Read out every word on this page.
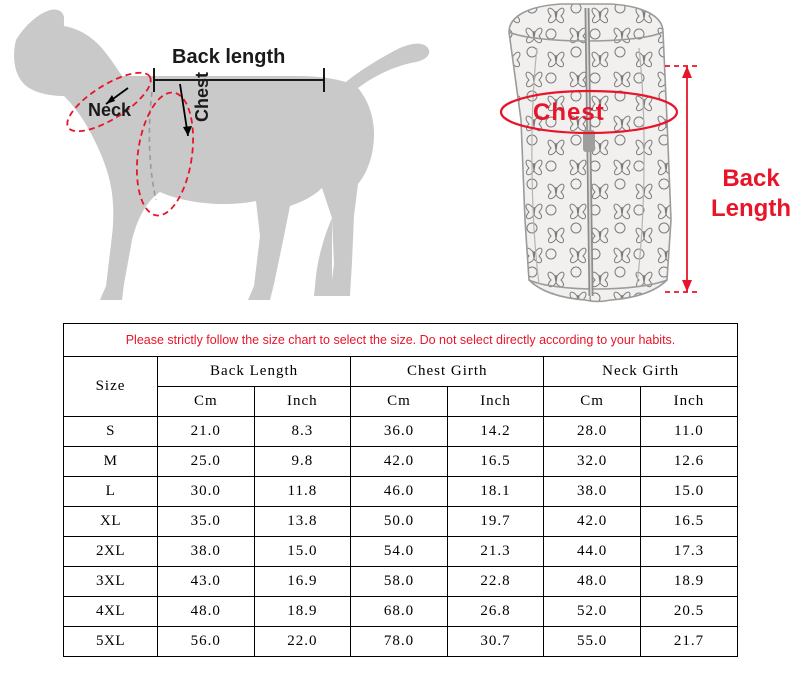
Back length
Neck	Chest	Chest
Back
Length
Please strictly follow the size chart to select the size. Do not select directly according to your habits.
Size	Back Length		Chest Girth		Neck Girth	
	Cm	Inch	Cm	Inch	Cm	Inch
S	21.0	8.3	36.0	14.2	28.0	11.0
M	25.0	9.8	42.0	16.5	32.0	12.6
L	30.0	11.8	46.0	18.1	38.0	15.0
XL	35.0	13.8	50.0	19.7	42.0	16.5
2XL	38.0	15.0	54.0	21.3	44.0	17.3
3XL	43.0	16.9	58.0	22.8	48.0	18.9
4XL	48.0	18.9	68.0	26.8	52.0	20.5
5XL	56.0	22.0	78.0	30.7	55.0	21.7
